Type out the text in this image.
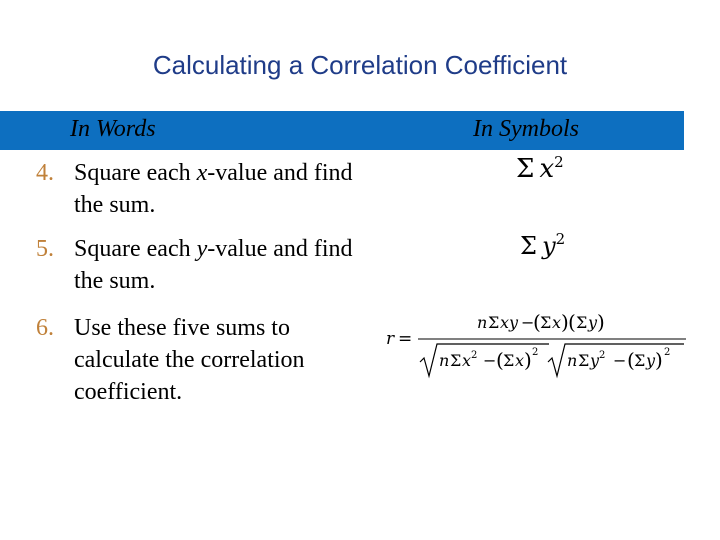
Calculating a Correlation Coefficient
In Words	In Symbols
4. Square each x-value and find the sum.
Σ $x^2$
5. Square each y-value and find the sum.
Σ $y^2$
6. Use these five sums to calculate the correlation coefficient.
r =
n Σ xy −
( Σ x ) ( Σ y )
n Σ x 2 − ( Σ x ) 2 n Σ y 2 − ( Σ y ) 2
